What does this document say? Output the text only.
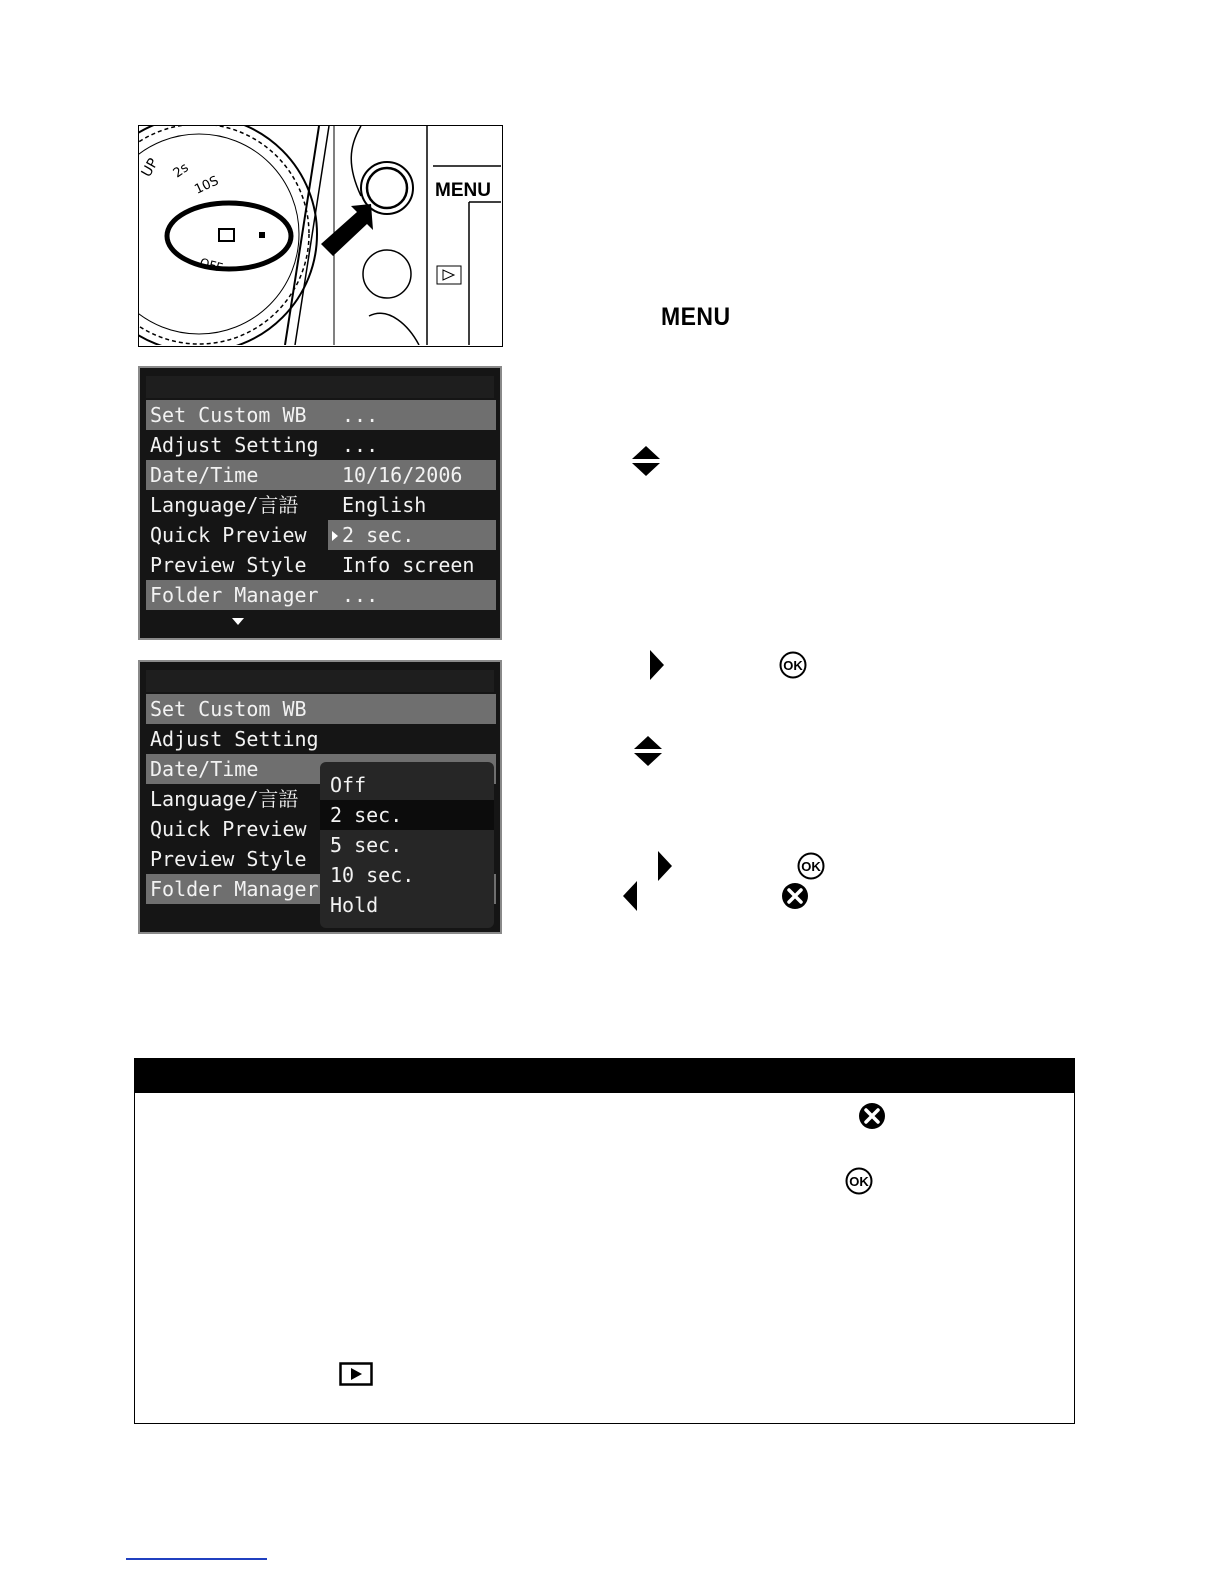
UP 2s
10S
OFF
MENU
MENU
Set Custom WB ...
Adjust Setting ...
Date/Time	10/16/2006
Language/言語 English
Quick Preview 2 sec.
Preview Style Info screen
Folder Manager ...
Set Custom WB
Adjust Setting
Date/Time
Language/言語
Quick Preview
Preview Style
Folder Manager
Off
2 sec.
5 sec.
10 sec.
Hold
OK
OK
OK
